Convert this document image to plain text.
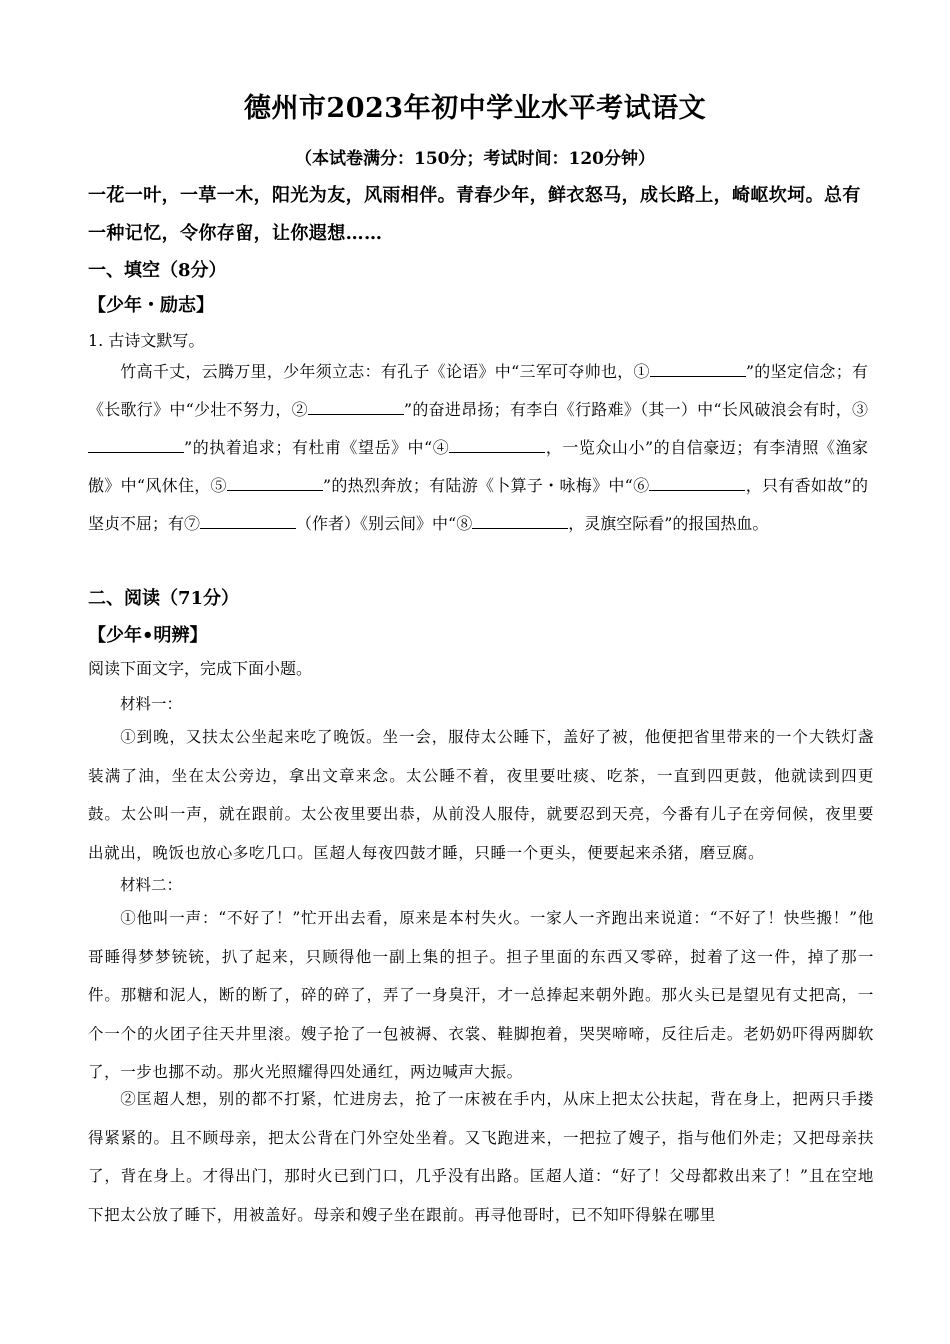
德州市2023年初中学业水平考试语文
（本试卷满分：150分；考试时间：120分钟）
一花一叶，一草一木，阳光为友，风雨相伴。青春少年，鲜衣怒马，成长路上，崎岖坎坷。总有一种记忆，令你存留，让你遐想……
一、填空（8分）
【少年・励志】
1. 古诗文默写。
竹高千丈，云腾万里，少年须立志：有孔子《论语》中“三军可夺帅也，①	”的坚定信念；有《长歌行》中“少壮不努力，②	”的奋进昂扬；有李白《行路难》（其一）中“长风破浪会有时，③”的执着追求；有杜甫《望岳》中“④	，一览众山小”的自信豪迈；有李清照《渔家傲》中“风休住，⑤	”的热烈奔放；有陆游《卜算子・咏梅》中“⑥	，只有香如故”的坚贞不屈；有⑦	（作者）《别云间》中“⑧	，灵旗空际看”的报国热血。
二、阅读（71分）
【少年•明辨】
阅读下面文字，完成下面小题。
材料一：
①到晚，又扶太公坐起来吃了晚饭。坐一会，服侍太公睡下，盖好了被，他便把省里带来的一个大铁灯盏装满了油，坐在太公旁边，拿出文章来念。太公睡不着，夜里要吐痰、吃茶，一直到四更鼓，他就读到四更鼓。太公叫一声，就在跟前。太公夜里要出恭，从前没人服侍，就要忍到天亮，今番有儿子在旁伺候，夜里要出就出，晚饭也放心多吃几口。匡超人每夜四鼓才睡，只睡一个更头，便要起来杀猪，磨豆腐。
材料二：
①他叫一声：“不好了！”忙开出去看，原来是本村失火。一家人一齐跑出来说道：“不好了！快些搬！”他哥睡得梦梦铳铳，扒了起来，只顾得他一副上集的担子。担子里面的东西又零碎，挝着了这一件，掉了那一件。那糖和泥人，断的断了，碎的碎了，弄了一身臭汗，才一总捧起来朝外跑。那火头已是望见有丈把高，一个一个的火团子往天井里滚。嫂子抢了一包被褥、衣裳、鞋脚抱着，哭哭啼啼，反往后走。老奶奶吓得两脚软了，一步也挪不动。那火光照耀得四处通红，两边喊声大振。
②匡超人想，别的都不打紧，忙进房去，抢了一床被在手内，从床上把太公扶起，背在身上，把两只手搂得紧紧的。且不顾母亲，把太公背在门外空处坐着。又飞跑进来，一把拉了嫂子，指与他们外走；又把母亲扶了，背在身上。才得出门，那时火已到门口，几乎没有出路。匡超人道：“好了！父母都救出来了！”且在空地下把太公放了睡下，用被盖好。母亲和嫂子坐在跟前。再寻他哥时，已不知吓得躲在哪里
